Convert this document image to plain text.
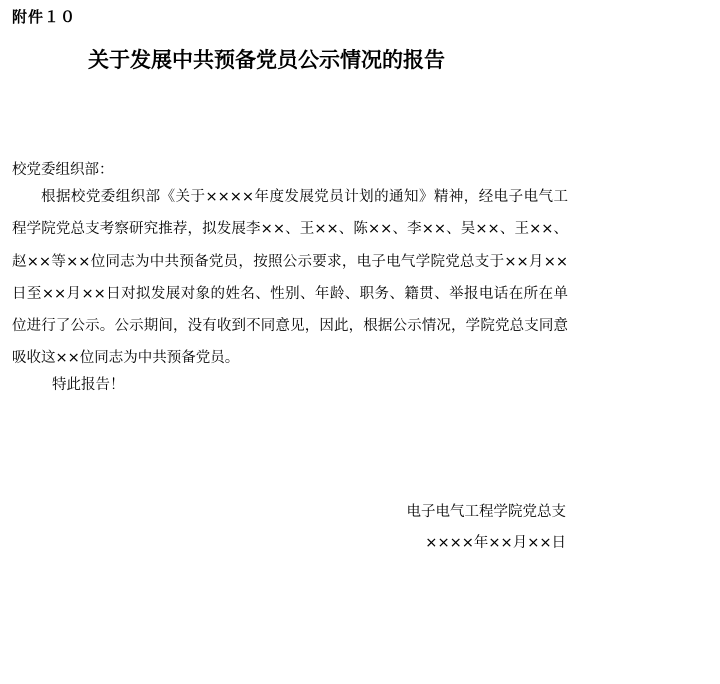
附件１０
关于发展中共预备党员公示情况的报告
校党委组织部：

根据校党委组织部《关于××××年度发展党员计划的通知》精神，经电子电气工程学院党总支考察研究推荐，拟发展李××、王××、陈××、李××、吴××、王××、赵××等××位同志为中共预备党员，按照公示要求，电子电气学院党总支于××月××日至××月××日对拟发展对象的姓名、性别、年龄、职务、籍贯、举报电话在所在单位进行了公示。公示期间，没有收到不同意见，因此，根据公示情况，学院党总支同意吸收这××位同志为中共预备党员。

特此报告！
电子电气工程学院党总支
××××年××月××日
